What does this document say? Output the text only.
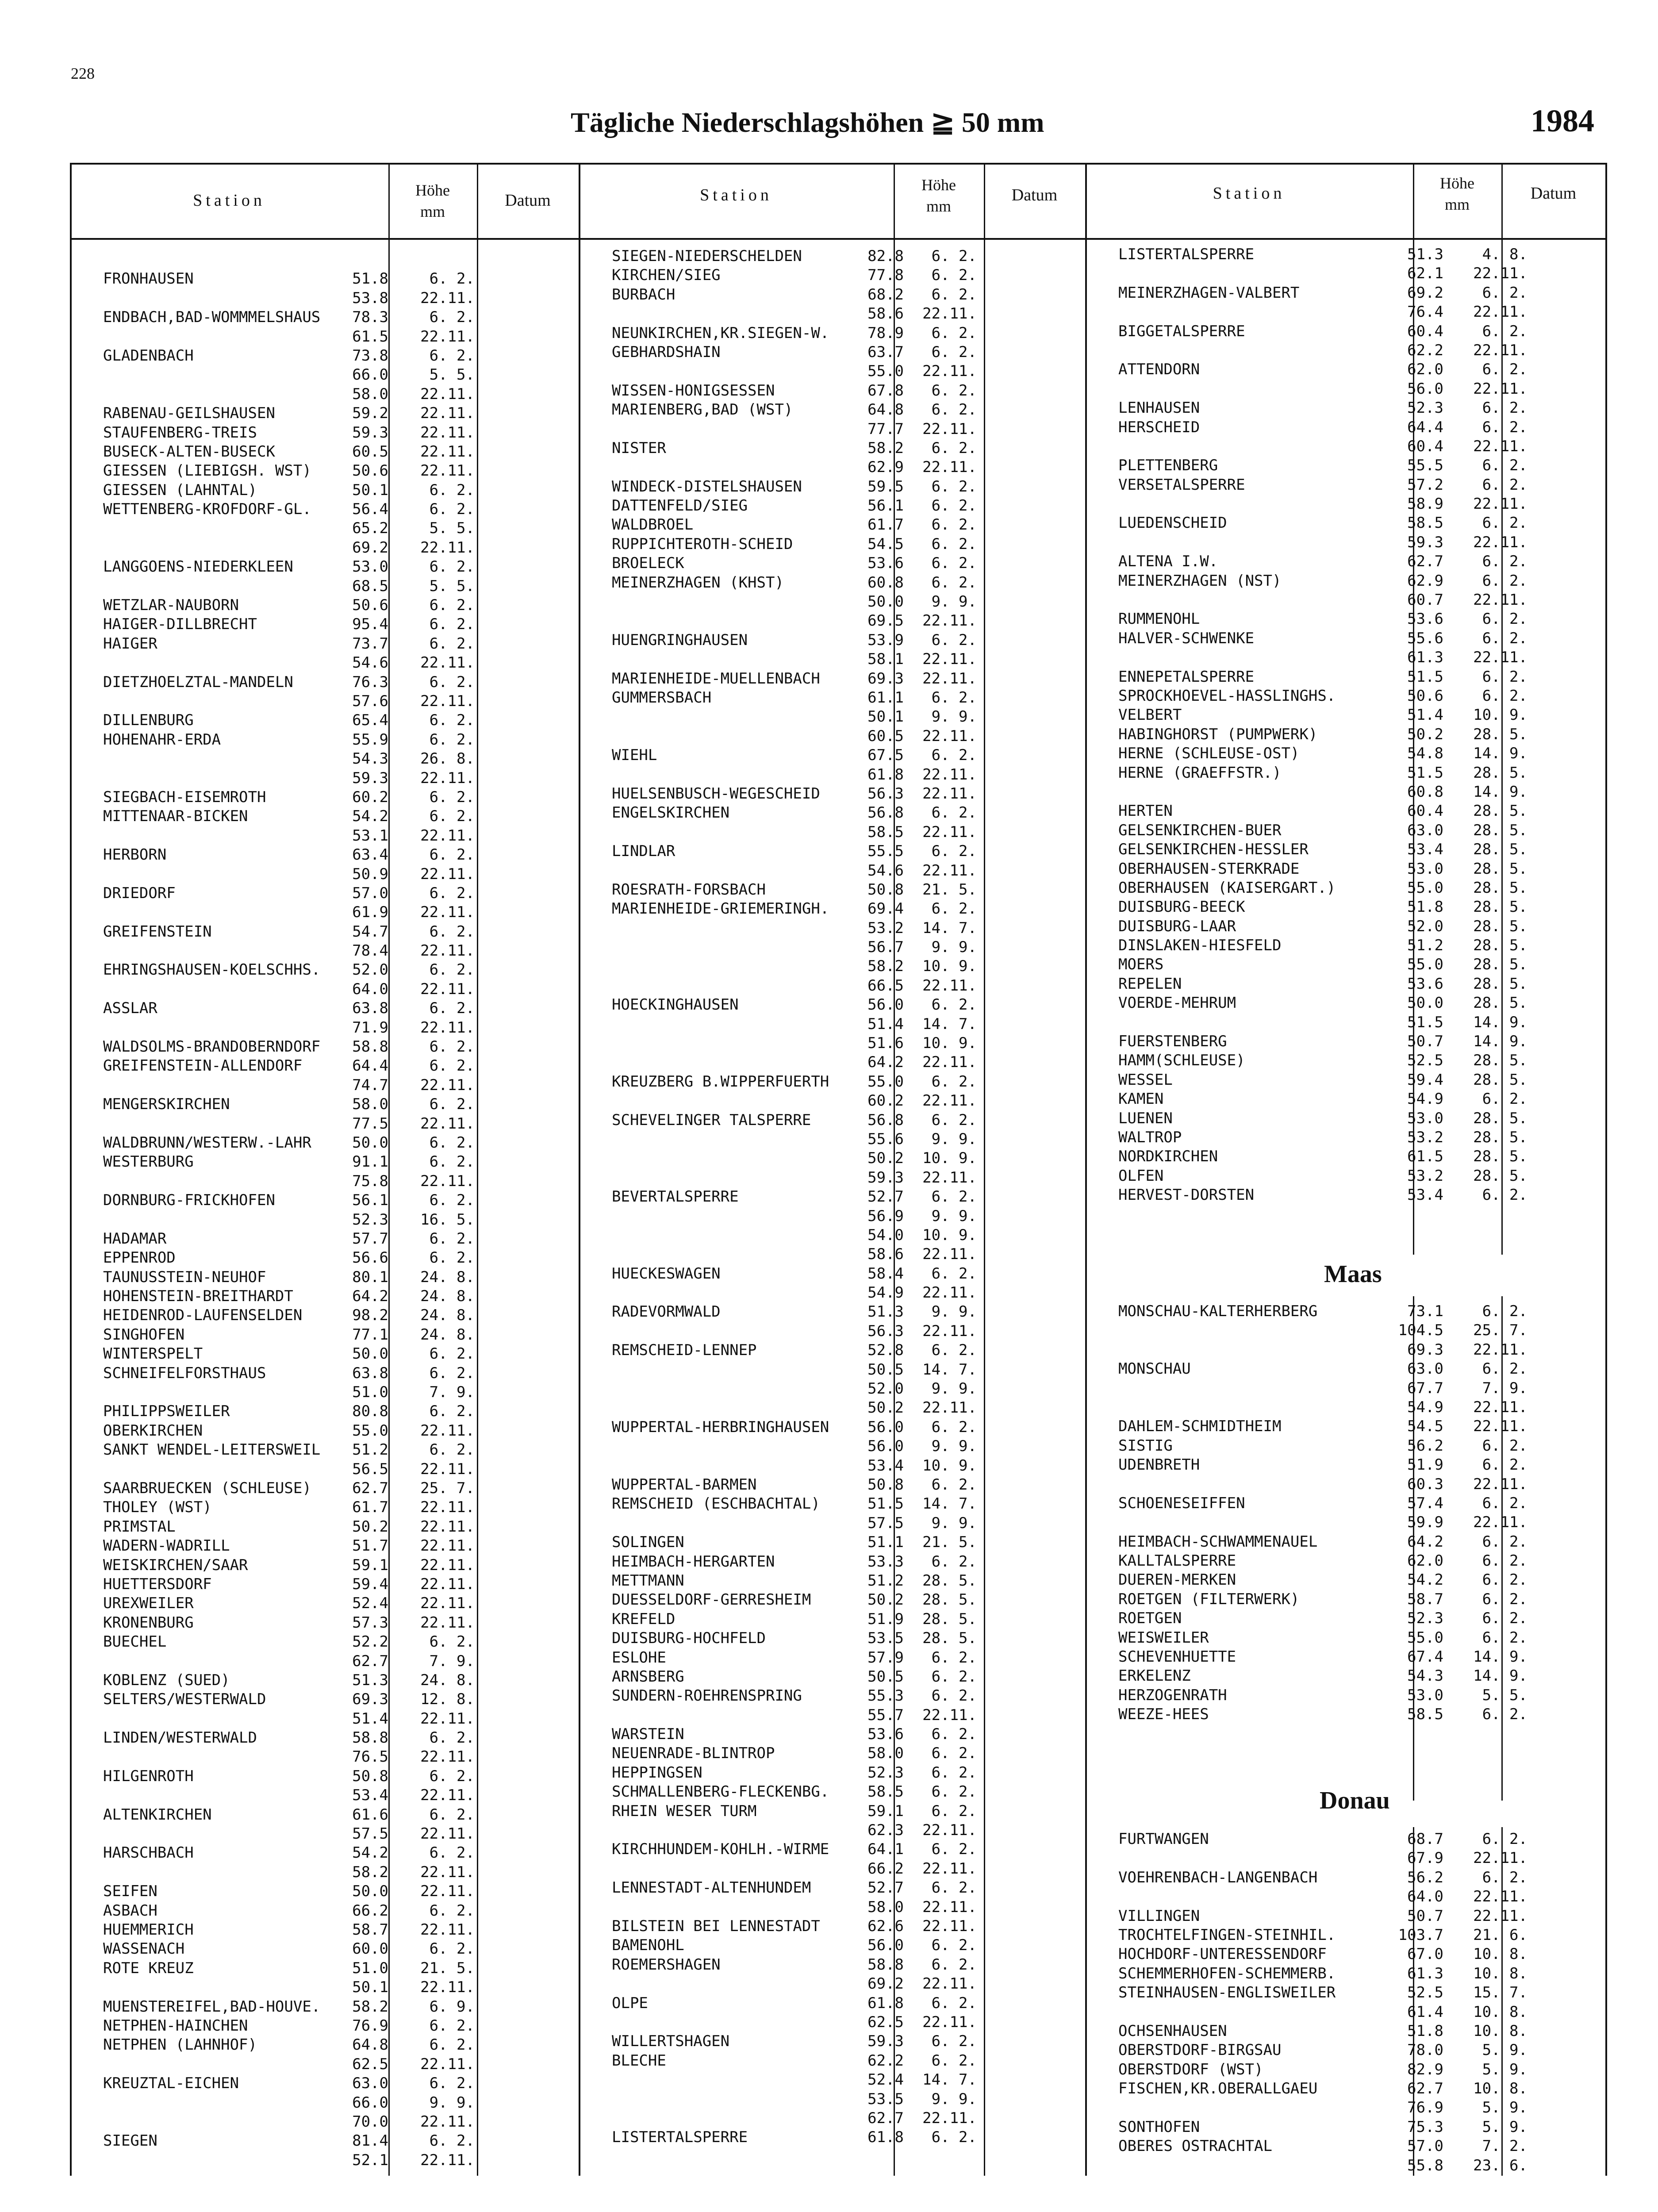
228
Tägliche Niederschlagshöhen ≧ 50 mm	1984
Station
Höhe
mm
Datum	Station
Höhe
mm
Datum	Station
Höhe
mm
Datum
Maas
Donau
FRONHAUSEN	51.8	6. 2.
53.8	22.11.
ENDBACH,BAD-WOMMMELSHAUS	78.3	6. 2.
61.5	22.11.
GLADENBACH	73.8	6. 2.
66.0	5. 5.
58.0	22.11.
RABENAU-GEILSHAUSEN	59.2	22.11.
STAUFENBERG-TREIS	59.3	22.11.
BUSECK-ALTEN-BUSECK	60.5	22.11.
GIESSEN (LIEBIGSH. WST)	50.6	22.11.
GIESSEN (LAHNTAL)	50.1	6. 2.
WETTENBERG-KROFDORF-GL.	56.4	6. 2.
65.2	5. 5.
69.2	22.11.
LANGGOENS-NIEDERKLEEN	53.0	6. 2.
68.5	5. 5.
WETZLAR-NAUBORN	50.6	6. 2.
HAIGER-DILLBRECHT	95.4	6. 2.
HAIGER	73.7	6. 2.
54.6	22.11.
DIETZHOELZTAL-MANDELN	76.3	6. 2.
57.6	22.11.
DILLENBURG	65.4	6. 2.
HOHENAHR-ERDA	55.9	6. 2.
54.3	26. 8.
59.3	22.11.
SIEGBACH-EISEMROTH	60.2	6. 2.
MITTENAAR-BICKEN	54.2	6. 2.
53.1	22.11.
HERBORN	63.4	6. 2.
50.9	22.11.
DRIEDORF	57.0	6. 2.
61.9	22.11.
GREIFENSTEIN	54.7	6. 2.
78.4	22.11.
EHRINGSHAUSEN-KOELSCHHS.	52.0	6. 2.
64.0	22.11.
ASSLAR	63.8	6. 2.
71.9	22.11.
WALDSOLMS-BRANDOBERNDORF	58.8	6. 2.
GREIFENSTEIN-ALLENDORF	64.4	6. 2.
74.7	22.11.
MENGERSKIRCHEN	58.0	6. 2.
77.5	22.11.
WALDBRUNN/WESTERW.-LAHR	50.0	6. 2.
WESTERBURG	91.1	6. 2.
75.8	22.11.
DORNBURG-FRICKHOFEN	56.1	6. 2.
52.3	16. 5.
HADAMAR	57.7	6. 2.
EPPENROD	56.6	6. 2.
TAUNUSSTEIN-NEUHOF	80.1	24. 8.
HOHENSTEIN-BREITHARDT	64.2	24. 8.
HEIDENROD-LAUFENSELDEN	98.2	24. 8.
SINGHOFEN	77.1	24. 8.
WINTERSPELT	50.0	6. 2.
SCHNEIFELFORSTHAUS	63.8	6. 2.
51.0	7. 9.
PHILIPPSWEILER	80.8	6. 2.
OBERKIRCHEN	55.0	22.11.
SANKT WENDEL-LEITERSWEIL	51.2	6. 2.
56.5	22.11.
SAARBRUECKEN (SCHLEUSE)	62.7	25. 7.
THOLEY (WST)	61.7	22.11.
PRIMSTAL	50.2	22.11.
WADERN-WADRILL	51.7	22.11.
WEISKIRCHEN/SAAR	59.1	22.11.
HUETTERSDORF	59.4	22.11.
UREXWEILER	52.4	22.11.
KRONENBURG	57.3	22.11.
BUECHEL	52.2	6. 2.
62.7	7. 9.
KOBLENZ (SUED)	51.3	24. 8.
SELTERS/WESTERWALD	69.3	12. 8.
51.4	22.11.
LINDEN/WESTERWALD	58.8	6. 2.
76.5	22.11.
HILGENROTH	50.8	6. 2.
53.4	22.11.
ALTENKIRCHEN	61.6	6. 2.
57.5	22.11.
HARSCHBACH	54.2	6. 2.
58.2	22.11.
SEIFEN	50.0	22.11.
ASBACH	66.2	6. 2.
HUEMMERICH	58.7	22.11.
WASSENACH	60.0	6. 2.
ROTE KREUZ	51.0	21. 5.
50.1	22.11.
MUENSTEREIFEL,BAD-HOUVE.	58.2	6. 9.
NETPHEN-HAINCHEN	76.9	6. 2.
NETPHEN (LAHNHOF)	64.8	6. 2.
62.5	22.11.
KREUZTAL-EICHEN	63.0	6. 2.
66.0	9. 9.
70.0	22.11.
SIEGEN	81.4	6. 2.
52.1	22.11.
SIEGEN-NIEDERSCHELDEN	82.8	6. 2.
KIRCHEN/SIEG	77.8	6. 2.
BURBACH	68.2	6. 2.
58.6	22.11.
NEUNKIRCHEN,KR.SIEGEN-W.	78.9	6. 2.
GEBHARDSHAIN	63.7	6. 2.
55.0	22.11.
WISSEN-HONIGSESSEN	67.8	6. 2.
MARIENBERG,BAD (WST)	64.8	6. 2.
77.7	22.11.
NISTER	58.2	6. 2.
62.9	22.11.
WINDECK-DISTELSHAUSEN	59.5	6. 2.
DATTENFELD/SIEG	56.1	6. 2.
WALDBROEL	61.7	6. 2.
RUPPICHTEROTH-SCHEID	54.5	6. 2.
BROELECK	53.6	6. 2.
MEINERZHAGEN (KHST)	60.8	6. 2.
50.0	9. 9.
69.5	22.11.
HUENGRINGHAUSEN	53.9	6. 2.
58.1	22.11.
MARIENHEIDE-MUELLENBACH	69.3	22.11.
GUMMERSBACH	61.1	6. 2.
50.1	9. 9.
60.5	22.11.
WIEHL	67.5	6. 2.
61.8	22.11.
HUELSENBUSCH-WEGESCHEID	56.3	22.11.
ENGELSKIRCHEN	56.8	6. 2.
58.5	22.11.
LINDLAR	55.5	6. 2.
54.6	22.11.
ROESRATH-FORSBACH	50.8	21. 5.
MARIENHEIDE-GRIEMERINGH.	69.4	6. 2.
53.2	14. 7.
56.7	9. 9.
58.2	10. 9.
66.5	22.11.
HOECKINGHAUSEN	56.0	6. 2.
51.4	14. 7.
51.6	10. 9.
64.2	22.11.
KREUZBERG B.WIPPERFUERTH	55.0	6. 2.
60.2	22.11.
SCHEVELINGER TALSPERRE	56.8	6. 2.
55.6	9. 9.
50.2	10. 9.
59.3	22.11.
BEVERTALSPERRE	52.7	6. 2.
56.9	9. 9.
54.0	10. 9.
58.6	22.11.
HUECKESWAGEN	58.4	6. 2.
54.9	22.11.
RADEVORMWALD	51.3	9. 9.
56.3	22.11.
REMSCHEID-LENNEP	52.8	6. 2.
50.5	14. 7.
52.0	9. 9.
50.2	22.11.
WUPPERTAL-HERBRINGHAUSEN	56.0	6. 2.
56.0	9. 9.
53.4	10. 9.
WUPPERTAL-BARMEN	50.8	6. 2.
REMSCHEID (ESCHBACHTAL)	51.5	14. 7.
57.5	9. 9.
SOLINGEN	51.1	21. 5.
HEIMBACH-HERGARTEN	53.3	6. 2.
METTMANN	51.2	28. 5.
DUESSELDORF-GERRESHEIM	50.2	28. 5.
KREFELD	51.9	28. 5.
DUISBURG-HOCHFELD	53.5	28. 5.
ESLOHE	57.9	6. 2.
ARNSBERG	50.5	6. 2.
SUNDERN-ROEHRENSPRING	55.3	6. 2.
55.7	22.11.
WARSTEIN	53.6	6. 2.
NEUENRADE-BLINTROP	58.0	6. 2.
HEPPINGSEN	52.3	6. 2.
SCHMALLENBERG-FLECKENBG.	58.5	6. 2.
RHEIN WESER TURM	59.1	6. 2.
62.3	22.11.
KIRCHHUNDEM-KOHLH.-WIRME	64.1	6. 2.
66.2	22.11.
LENNESTADT-ALTENHUNDEM	52.7	6. 2.
58.0	22.11.
BILSTEIN BEI LENNESTADT	62.6	22.11.
BAMENOHL	56.0	6. 2.
ROEMERSHAGEN	58.8	6. 2.
69.2	22.11.
OLPE	61.8	6. 2.
62.5	22.11.
WILLERTSHAGEN	59.3	6. 2.
BLECHE	62.2	6. 2.
52.4	14. 7.
53.5	9. 9.
62.7	22.11.
LISTERTALSPERRE	61.8	6. 2.
LISTERTALSPERRE	51.3	4. 8.
62.1	22.11.
MEINERZHAGEN-VALBERT	69.2	6. 2.
76.4	22.11.
BIGGETALSPERRE	60.4	6. 2.
62.2	22.11.
ATTENDORN	62.0	6. 2.
56.0	22.11.
LENHAUSEN	52.3	6. 2.
HERSCHEID	64.4	6. 2.
60.4	22.11.
PLETTENBERG	55.5	6. 2.
VERSETALSPERRE	57.2	6. 2.
58.9	22.11.
LUEDENSCHEID	58.5	6. 2.
59.3	22.11.
ALTENA I.W.	62.7	6. 2.
MEINERZHAGEN (NST)	62.9	6. 2.
60.7	22.11.
RUMMENOHL	53.6	6. 2.
HALVER-SCHWENKE	55.6	6. 2.
61.3	22.11.
ENNEPETALSPERRE	51.5	6. 2.
SPROCKHOEVEL-HASSLINGHS.	50.6	6. 2.
VELBERT	51.4	10. 9.
HABINGHORST (PUMPWERK)	50.2	28. 5.
HERNE (SCHLEUSE-OST)	54.8	14. 9.
HERNE (GRAEFFSTR.)	51.5	28. 5.
60.8	14. 9.
HERTEN	60.4	28. 5.
GELSENKIRCHEN-BUER	63.0	28. 5.
GELSENKIRCHEN-HESSLER	53.4	28. 5.
OBERHAUSEN-STERKRADE	53.0	28. 5.
OBERHAUSEN (KAISERGART.)	55.0	28. 5.
DUISBURG-BEECK	51.8	28. 5.
DUISBURG-LAAR	52.0	28. 5.
DINSLAKEN-HIESFELD	51.2	28. 5.
MOERS	55.0	28. 5.
REPELEN	53.6	28. 5.
VOERDE-MEHRUM	50.0	28. 5.
51.5	14. 9.
FUERSTENBERG	50.7	14. 9.
HAMM(SCHLEUSE)	52.5	28. 5.
WESSEL	59.4	28. 5.
KAMEN	54.9	6. 2.
LUENEN	53.0	28. 5.
WALTROP	53.2	28. 5.
NORDKIRCHEN	61.5	28. 5.
OLFEN	53.2	28. 5.
HERVEST-DORSTEN	53.4	6. 2.
MONSCHAU-KALTERHERBERG	73.1	6. 2.
104.5	25. 7.
69.3	22.11.
MONSCHAU	63.0	6. 2.
67.7	7. 9.
54.9	22.11.
DAHLEM-SCHMIDTHEIM	54.5	22.11.
SISTIG	56.2	6. 2.
UDENBRETH	51.9	6. 2.
60.3	22.11.
SCHOENESEIFFEN	57.4	6. 2.
59.9	22.11.
HEIMBACH-SCHWAMMENAUEL	64.2	6. 2.
KALLTALSPERRE	62.0	6. 2.
DUEREN-MERKEN	54.2	6. 2.
ROETGEN (FILTERWERK)	58.7	6. 2.
ROETGEN	52.3	6. 2.
WEISWEILER	55.0	6. 2.
SCHEVENHUETTE	67.4	14. 9.
ERKELENZ	54.3	14. 9.
HERZOGENRATH	53.0	5. 5.
WEEZE-HEES	58.5	6. 2.
FURTWANGEN	68.7	6. 2.
67.9	22.11.
VOEHRENBACH-LANGENBACH	56.2	6. 2.
64.0	22.11.
VILLINGEN	50.7	22.11.
TROCHTELFINGEN-STEINHIL.	103.7	21. 6.
HOCHDORF-UNTERESSENDORF	67.0	10. 8.
SCHEMMERHOFEN-SCHEMMERB.	61.3	10. 8.
STEINHAUSEN-ENGLISWEILER	52.5	15. 7.
61.4	10. 8.
OCHSENHAUSEN	51.8	10. 8.
OBERSTDORF-BIRGSAU	78.0	5. 9.
OBERSTDORF (WST)	82.9	5. 9.
FISCHEN,KR.OBERALLGAEU	62.7	10. 8.
76.9	5. 9.
SONTHOFEN	75.3	5. 9.
OBERES OSTRACHTAL	57.0	7. 2.
55.8	23. 6.
